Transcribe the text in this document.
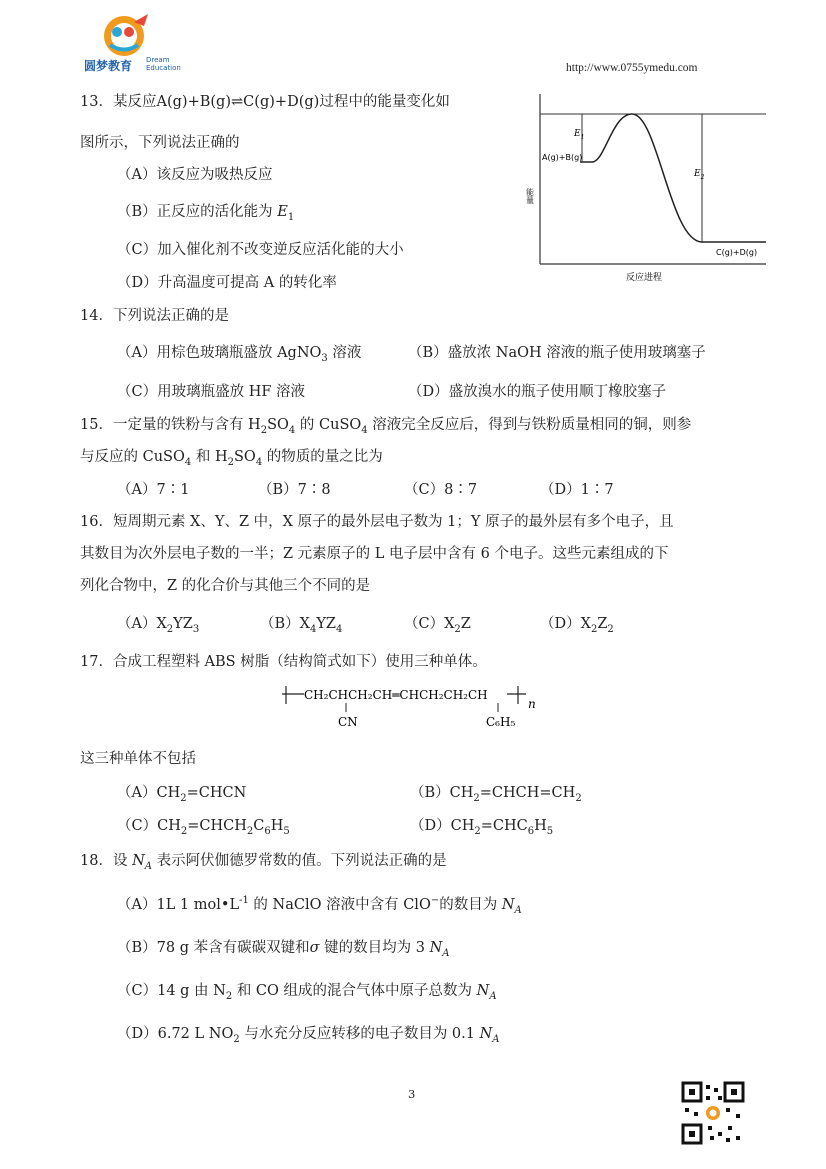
圆梦教育 Dream
Education	http://www.0755ymedu.com
13．某反应A(g)+B(g)⇌C(g)+D(g)过程中的能量变化如
图所示，下列说法正确的
（A）该反应为吸热反应
（B）正反应的活化能为 $E_1$
（C）加入催化剂不改变逆反应活化能的大小
（D）升高温度可提高 A 的转化率
$E_1$
$E_2$
A(g)+B(g)
C(g)+D(g)
能量
反应进程
14．下列说法正确的是
（A）用棕色玻璃瓶盛放 AgNO$_3$ 溶液	（B）盛放浓 NaOH 溶液的瓶子使用玻璃塞子
（C）用玻璃瓶盛放 HF 溶液	（D）盛放溴水的瓶子使用顺丁橡胶塞子
15．一定量的铁粉与含有 $H_2SO_4$ 的 CuSO$_4$ 溶液完全反应后，得到与铁粉质量相同的铜，则参
与反应的 CuSO$_4$ 和 $H_2SO_4$ 的物质的量之比为
（A）7∶1	（B）7∶8	（C）8∶7	（D）1∶7
16．短周期元素 X、Y、Z 中，X 原子的最外层电子数为 1；Y 原子的最外层有多个电子，且
其数目为次外层电子数的一半；Z 元素原子的 L 电子层中含有 6 个电子。这些元素组成的下
列化合物中，Z 的化合价与其他三个不同的是
$(A)X_2YZ_3$	$(B)X_4YZ_4$	$(C)X_2Z$	$(D)X_2Z_2$
17．合成工程塑料 ABS 树脂（结构简式如下）使用三种单体。
CH₂CHCH₂CH═CHCH₂CH₂CH
n
CN	C₆H₅
这三种单体不包括
$(A)CH_2=CHCN$	$(B)CH_2=CHCH=CH_2$
$(C)CH_2=CHCH_2C_6H_5$	$(D)CH_2=CHC_6H_5$
18．设 $N_A$ 表示阿伏伽德罗常数的值。下列说法正确的是
（A）1L 1 $mol•L^{-1}$ 的 NaClO 溶液中含有 ClO−的数目为 $N_A$
（B）78 g 苯含有碳碳双键和σ 键的数目均为 3 $N_A$
（C）14 g 由 $N_2$ 和 CO 组成的混合气体中原子总数为 $N_A$
（D）6.72 L $NO_2$ 与水充分反应转移的电子数目为 0.1 $N_A$
3
